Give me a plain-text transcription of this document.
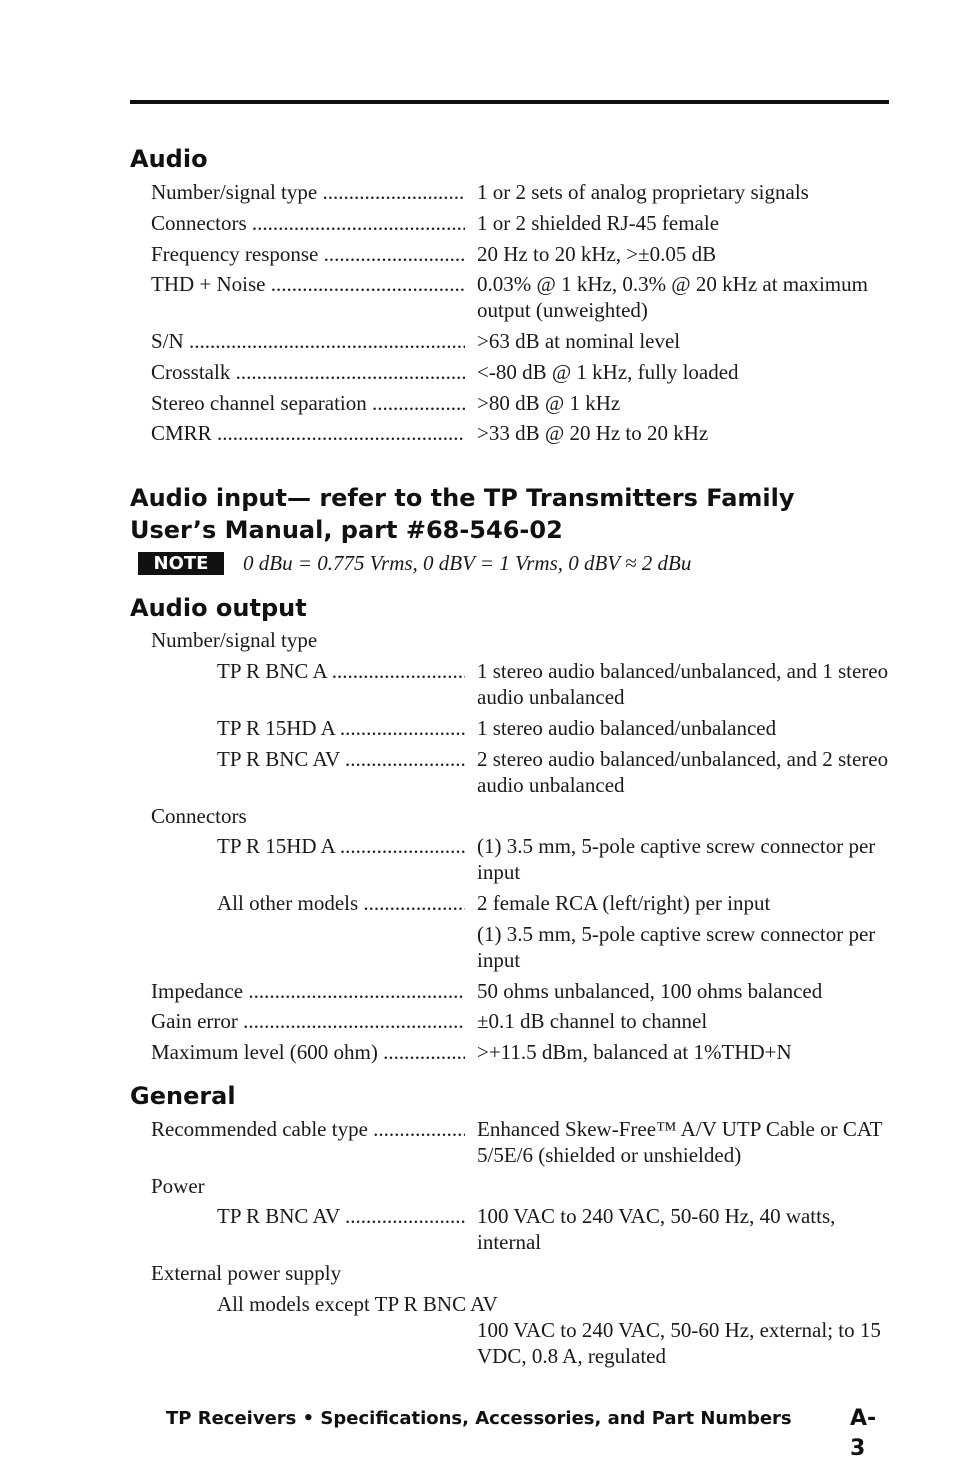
Audio
Number/signal type .....	1 or 2 sets of analog proprietary signals
Connectors .....	1 or 2 shielded RJ-45 female
Frequency response .....	20 Hz to 20 kHz, >±0.05 dB
THD + Noise .....	0.03% @ 1 kHz, 0.3% @ 20 kHz at maximum output (unweighted)
S/N .....	>63 dB at nominal level
Crosstalk .....	<-80 dB @ 1 kHz, fully loaded
Stereo channel separation .....	>80 dB @ 1 kHz
CMRR .....	>33 dB @ 20 Hz to 20 kHz
Audio input— refer to the TP Transmitters Family
User’s Manual, part #68-546-02
NOTE	0 dBu = 0.775 Vrms, 0 dBV = 1 Vrms, 0 dBV ≈ 2 dBu
Audio output
Number/signal type
TP R BNC A .....	1 stereo audio balanced/unbalanced, and 1 stereo audio unbalanced
TP R 15HD A .....	1 stereo audio balanced/unbalanced
TP R BNC AV .....	2 stereo audio balanced/unbalanced, and 2 stereo audio unbalanced
Connectors
TP R 15HD A .....	(1) 3.5 mm, 5-pole captive screw connector per input
All other models .....	2 female RCA (left/right) per input
(1) 3.5 mm, 5-pole captive screw connector per input
Impedance .....	50 ohms unbalanced, 100 ohms balanced
Gain error .....	±0.1 dB channel to channel
Maximum level (600 ohm) .....	>+11.5 dBm, balanced at 1%THD+N
General
Recommended cable type .....	Enhanced Skew-Free™ A/V UTP Cable or CAT 5/5E/6 (shielded or unshielded)
Power
TP R BNC AV .....	100 VAC to 240 VAC, 50-60 Hz, 40 watts, internal
External power supply
All models except TP R BNC AV
100 VAC to 240 VAC, 50-60 Hz, external; to 15 VDC, 0.8 A, regulated
TP Receivers • Specifications, Accessories, and Part Numbers	A-3
